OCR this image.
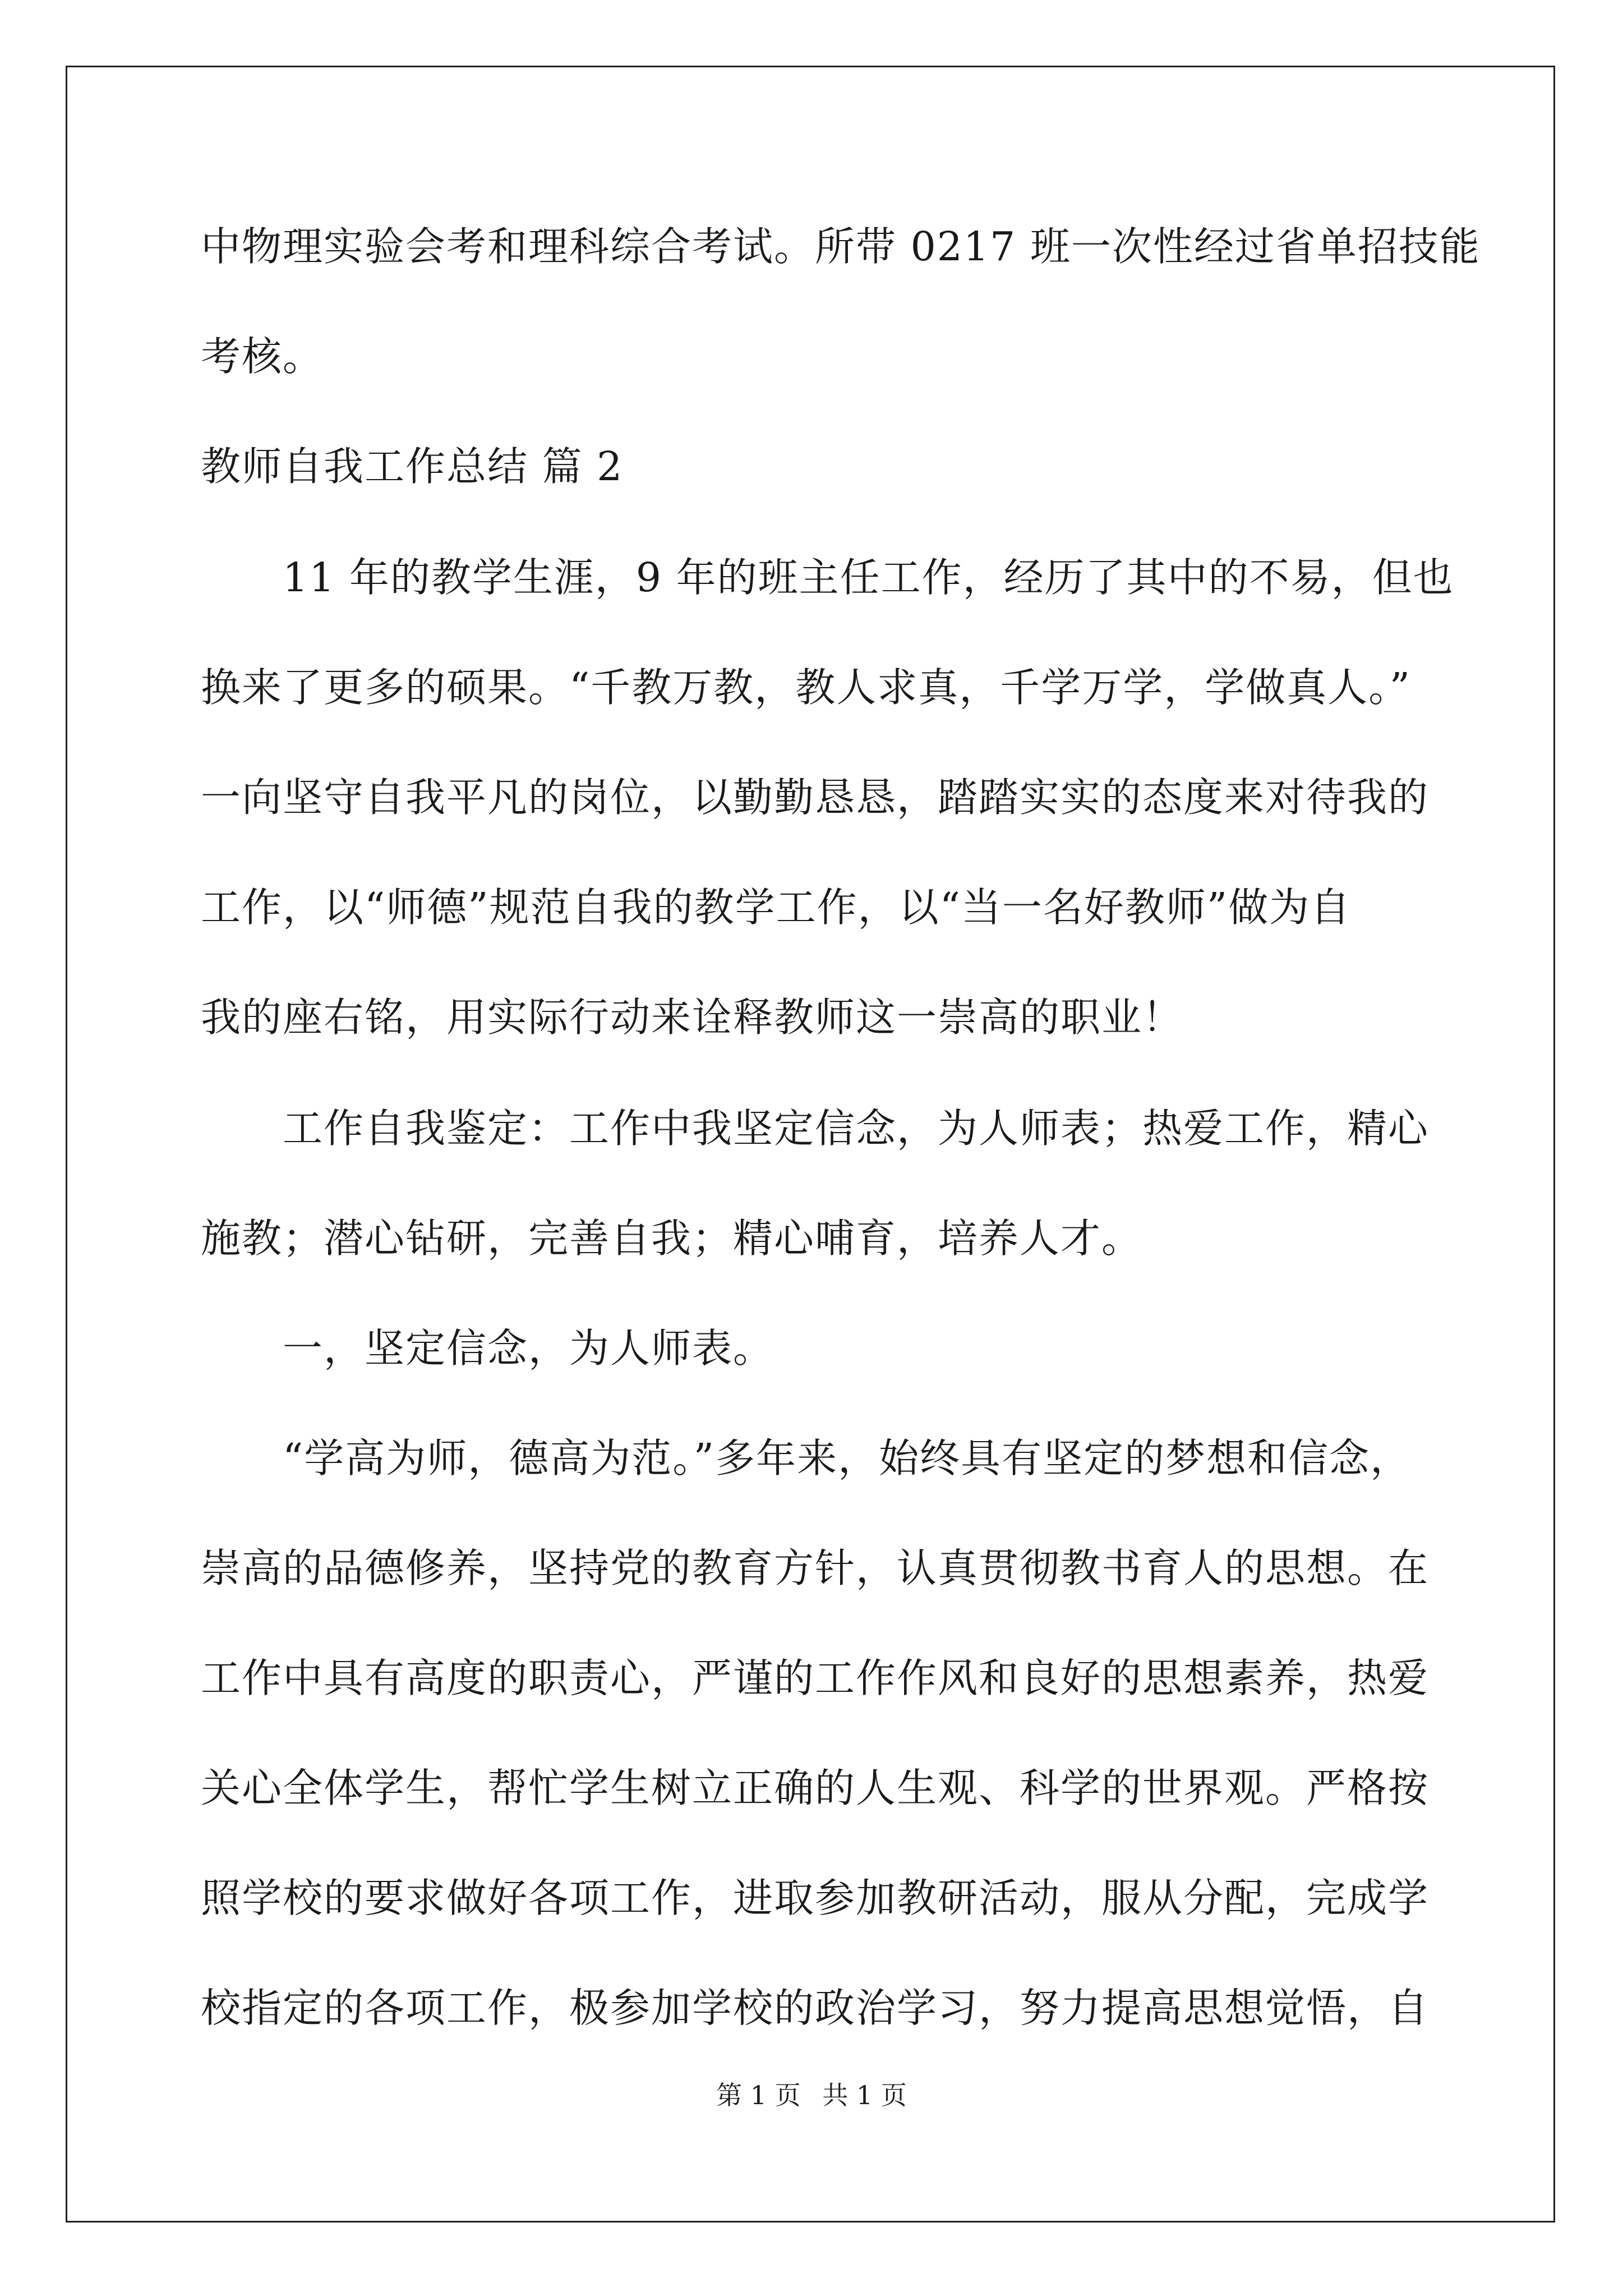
中物理实验会考和理科综合考试。所带 0217 班一次性经过省单招技能
考核。
教师自我工作总结 篇 2
　　11 年的教学生涯，9 年的班主任工作，经历了其中的不易，但也
换来了更多的硕果。“千教万教，教人求真，千学万学，学做真人。”
一向坚守自我平凡的岗位，以勤勤恳恳，踏踏实实的态度来对待我的
工作，以“师德”规范自我的教学工作，以“当一名好教师”做为自
我的座右铭，用实际行动来诠释教师这一崇高的职业！
　　工作自我鉴定：工作中我坚定信念，为人师表；热爱工作，精心
施教；潜心钻研，完善自我；精心哺育，培养人才。
　　一，坚定信念，为人师表。
　　“学高为师，德高为范。”多年来，始终具有坚定的梦想和信念，
崇高的品德修养，坚持党的教育方针，认真贯彻教书育人的思想。在
工作中具有高度的职责心，严谨的工作作风和良好的思想素养，热爱
关心全体学生，帮忙学生树立正确的人生观、科学的世界观。严格按
照学校的要求做好各项工作，进取参加教研活动，服从分配，完成学
校指定的各项工作，极参加学校的政治学习，努力提高思想觉悟，自
第 1 页 共 1 页
